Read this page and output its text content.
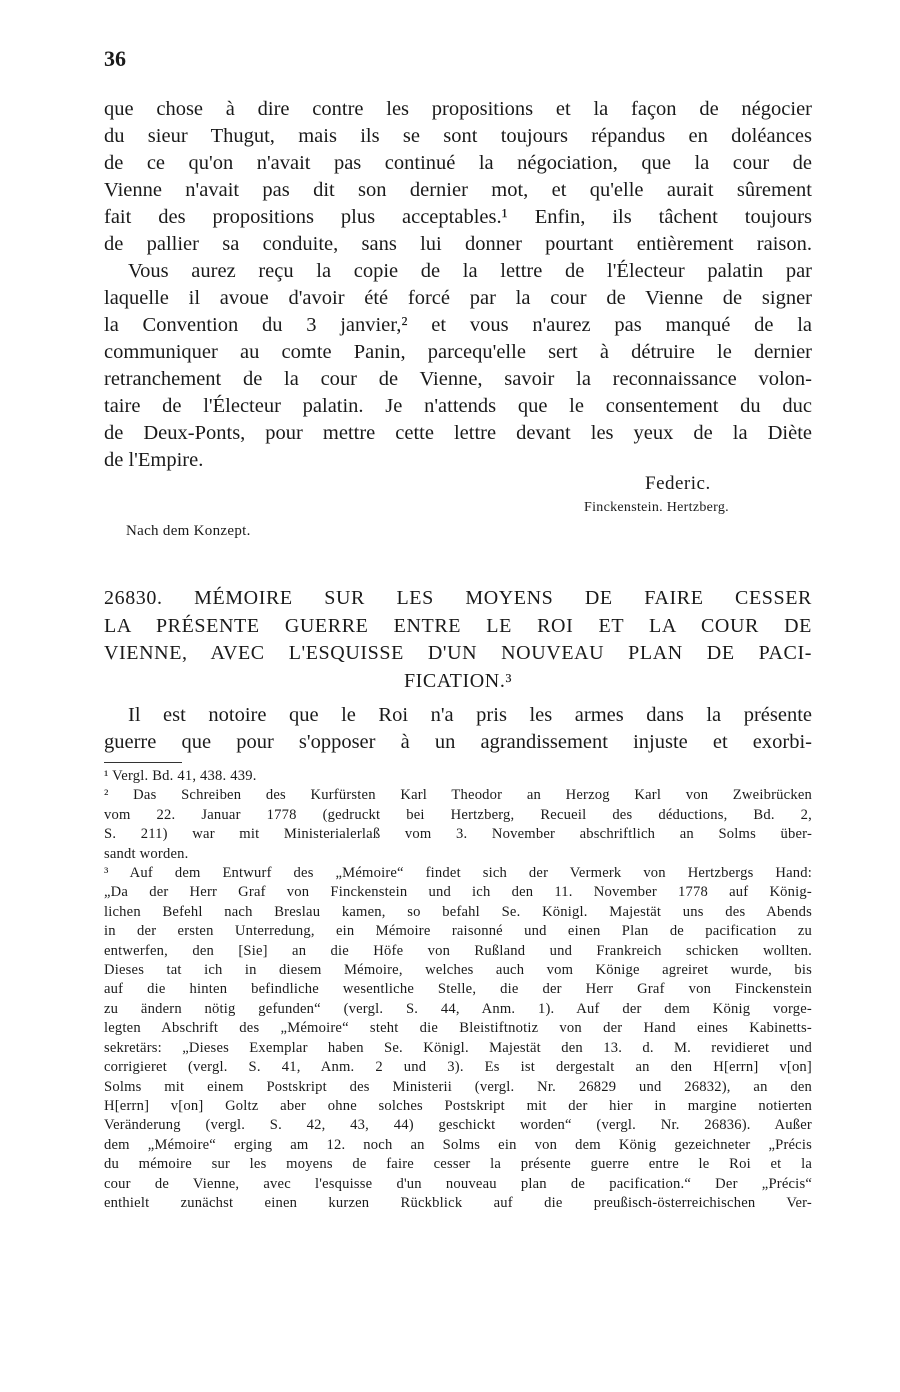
36
que chose à dire contre les propositions et la façon de négocier
du sieur Thugut, mais ils se sont toujours répandus en doléances
de ce qu'on n'avait pas continué la négociation, que la cour de
Vienne n'avait pas dit son dernier mot, et qu'elle aurait sûrement
fait des propositions plus acceptables.¹ Enfin, ils tâchent toujours
de pallier sa conduite, sans lui donner pourtant entièrement raison.
Vous aurez reçu la copie de la lettre de l'Électeur palatin par
laquelle il avoue d'avoir été forcé par la cour de Vienne de signer
la Convention du 3 janvier,² et vous n'aurez pas manqué de la
communiquer au comte Panin, parcequ'elle sert à détruire le dernier
retranchement de la cour de Vienne, savoir la reconnaissance volon-
taire de l'Électeur palatin. Je n'attends que le consentement du duc
de Deux-Ponts, pour mettre cette lettre devant les yeux de la Diète
de l'Empire.
Federic.
Finckenstein. Hertzberg.
Nach dem Konzept.
26830. MÉMOIRE SUR LES MOYENS DE FAIRE CESSER
LA PRÉSENTE GUERRE ENTRE LE ROI ET LA COUR DE
VIENNE, AVEC L'ESQUISSE D'UN NOUVEAU PLAN DE PACI-
FICATION.³
Il est notoire que le Roi n'a pris les armes dans la présente
guerre que pour s'opposer à un agrandissement injuste et exorbi-
¹ Vergl. Bd. 41, 438. 439.
² Das Schreiben des Kurfürsten Karl Theodor an Herzog Karl von Zweibrücken
vom 22. Januar 1778 (gedruckt bei Hertzberg, Recueil des déductions, Bd. 2,
S. 211) war mit Ministerialerlaß vom 3. November abschriftlich an Solms über-
sandt worden.
³ Auf dem Entwurf des „Mémoire“ findet sich der Vermerk von Hertzbergs Hand:
„Da der Herr Graf von Finckenstein und ich den 11. November 1778 auf König-
lichen Befehl nach Breslau kamen, so befahl Se. Königl. Majestät uns des Abends
in der ersten Unterredung, ein Mémoire raisonné und einen Plan de pacification zu
entwerfen, den [Sie] an die Höfe von Rußland und Frankreich schicken wollten.
Dieses tat ich in diesem Mémoire, welches auch vom Könige agreiret wurde, bis
auf die hinten befindliche wesentliche Stelle, die der Herr Graf von Finckenstein
zu ändern nötig gefunden“ (vergl. S. 44, Anm. 1). Auf der dem König vorge-
legten Abschrift des „Mémoire“ steht die Bleistiftnotiz von der Hand eines Kabinetts-
sekretärs: „Dieses Exemplar haben Se. Königl. Majestät den 13. d. M. revidieret und
corrigieret (vergl. S. 41, Anm. 2 und 3). Es ist dergestalt an den H[errn] v[on]
Solms mit einem Postskript des Ministerii (vergl. Nr. 26829 und 26832), an den
H[errn] v[on] Goltz aber ohne solches Postskript mit der hier in margine notierten
Veränderung (vergl. S. 42, 43, 44) geschickt worden“ (vergl. Nr. 26836). Außer
dem „Mémoire“ erging am 12. noch an Solms ein von dem König gezeichneter „Précis
du mémoire sur les moyens de faire cesser la présente guerre entre le Roi et la
cour de Vienne, avec l'esquisse d'un nouveau plan de pacification.“ Der „Précis“
enthielt zunächst einen kurzen Rückblick auf die preußisch-österreichischen Ver-
